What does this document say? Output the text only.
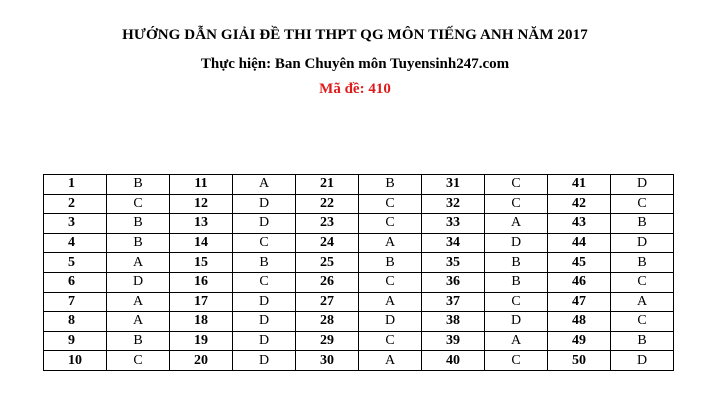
HƯỚNG DẪN GIẢI ĐỀ THI THPT QG MÔN TIẾNG ANH NĂM 2017
Thực hiện: Ban Chuyên môn Tuyensinh247.com
Mã đề: 410
1	B	11	A	21	B	31	C	41	D
2	C	12	D	22	C	32	C	42	C
3	B	13	D	23	C	33	A	43	B
4	B	14	C	24	A	34	D	44	D
5	A	15	B	25	B	35	B	45	B
6	D	16	C	26	C	36	B	46	C
7	A	17	D	27	A	37	C	47	A
8	A	18	D	28	D	38	D	48	C
9	B	19	D	29	C	39	A	49	B
10	C	20	D	30	A	40	C	50	D
